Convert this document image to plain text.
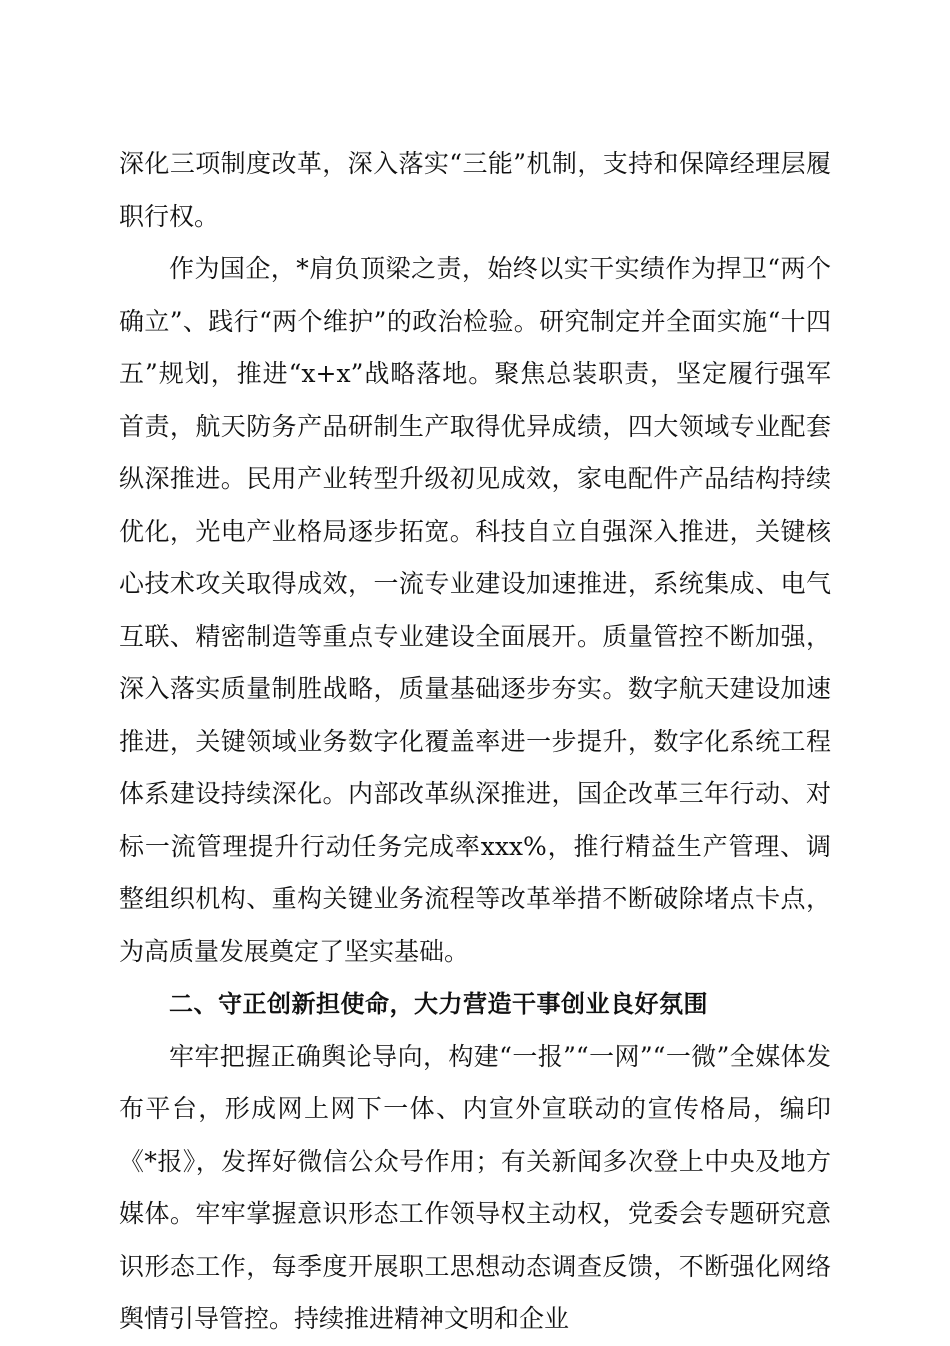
深化三项制度改革，深入落实“三能”机制，支持和保障经理层履职行权。

作为国企，*肩负顶梁之责，始终以实干实绩作为捍卫“两个确立”、践行“两个维护”的政治检验。研究制定并全面实施“十四五”规划，推进“x+x”战略落地。聚焦总装职责，坚定履行强军首责，航天防务产品研制生产取得优异成绩，四大领域专业配套纵深推进。民用产业转型升级初见成效，家电配件产品结构持续优化，光电产业格局逐步拓宽。科技自立自强深入推进，关键核心技术攻关取得成效，一流专业建设加速推进，系统集成、电气互联、精密制造等重点专业建设全面展开。质量管控不断加强，深入落实质量制胜战略，质量基础逐步夯实。数字航天建设加速推进，关键领域业务数字化覆盖率进一步提升，数字化系统工程体系建设持续深化。内部改革纵深推进，国企改革三年行动、对标一流管理提升行动任务完成率xxx%，推行精益生产管理、调整组织机构、重构关键业务流程等改革举措不断破除堵点卡点，为高质量发展奠定了坚实基础。

二、守正创新担使命，大力营造干事创业良好氛围

牢牢把握正确舆论导向，构建“一报”“一网”“一微”全媒体发布平台，形成网上网下一体、内宣外宣联动的宣传格局，编印《*报》，发挥好微信公众号作用；有关新闻多次登上中央及地方媒体。牢牢掌握意识形态工作领导权主动权，党委会专题研究意识形态工作，每季度开展职工思想动态调查反馈，不断强化网络舆情引导管控。持续推进精神文明和企业
